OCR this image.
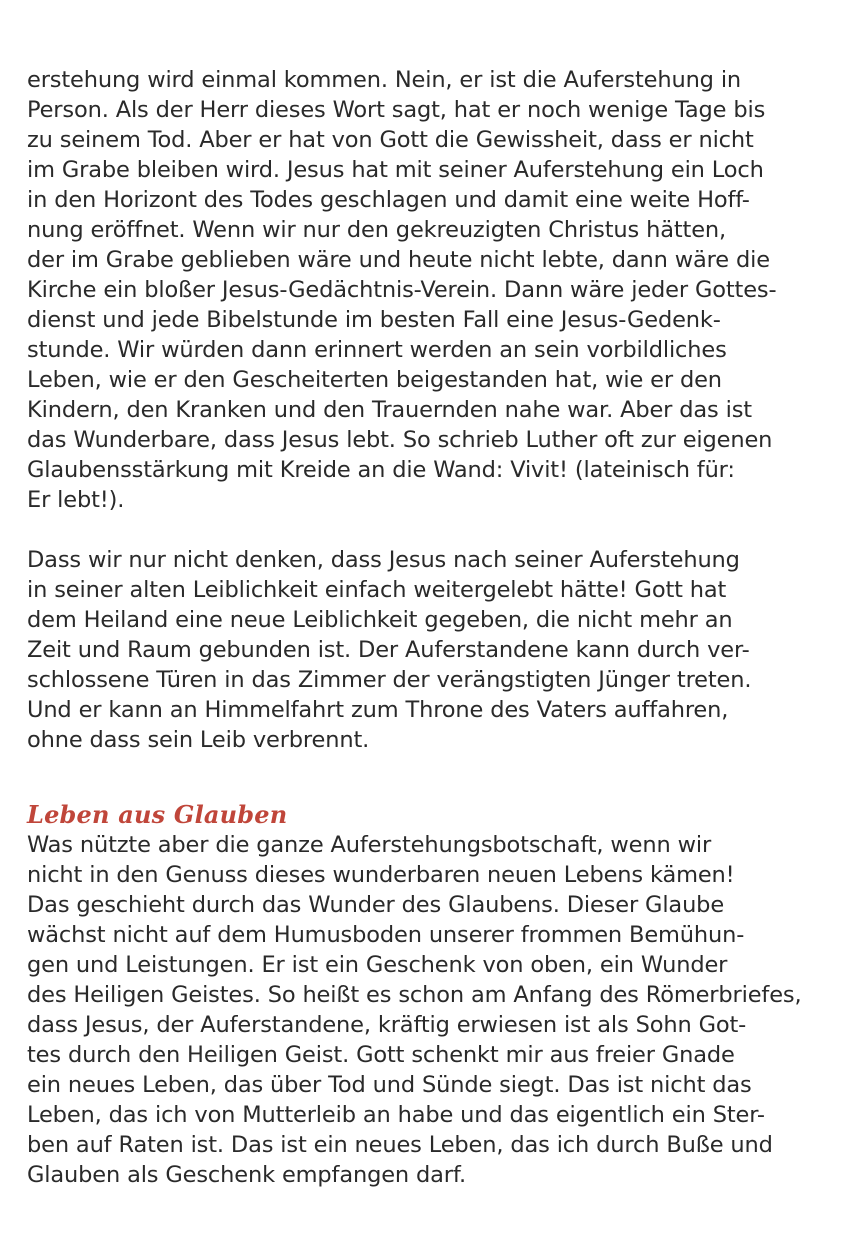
erstehung wird einmal kommen. Nein, er ist die Auferstehung in
Person. Als der Herr dieses Wort sagt, hat er noch wenige Tage bis
zu seinem Tod. Aber er hat von Gott die Gewissheit, dass er nicht
im Grabe bleiben wird. Jesus hat mit seiner Auferstehung ein Loch
in den Horizont des Todes geschlagen und damit eine weite Hoff-
nung eröffnet. Wenn wir nur den gekreuzigten Christus hätten,
der im Grabe geblieben wäre und heute nicht lebte, dann wäre die
Kirche ein bloßer Jesus-Gedächtnis-Verein. Dann wäre jeder Gottes-
dienst und jede Bibelstunde im besten Fall eine Jesus-Gedenk-
stunde. Wir würden dann erinnert werden an sein vorbildliches
Leben, wie er den Gescheiterten beigestanden hat, wie er den
Kindern, den Kranken und den Trauernden nahe war. Aber das ist
das Wunderbare, dass Jesus lebt. So schrieb Luther oft zur eigenen
Glaubensstärkung mit Kreide an die Wand: Vivit! (lateinisch für:
Er lebt!).
Dass wir nur nicht denken, dass Jesus nach seiner Auferstehung
in seiner alten Leiblichkeit einfach weitergelebt hätte! Gott hat
dem Heiland eine neue Leiblichkeit gegeben, die nicht mehr an
Zeit und Raum gebunden ist. Der Auferstandene kann durch ver-
schlossene Türen in das Zimmer der verängstigten Jünger treten.
Und er kann an Himmelfahrt zum Throne des Vaters auffahren,
ohne dass sein Leib verbrennt.
Leben aus Glauben
Was nützte aber die ganze Auferstehungsbotschaft, wenn wir
nicht in den Genuss dieses wunderbaren neuen Lebens kämen!
Das geschieht durch das Wunder des Glaubens. Dieser Glaube
wächst nicht auf dem Humusboden unserer frommen Bemühun-
gen und Leistungen. Er ist ein Geschenk von oben, ein Wunder
des Heiligen Geistes. So heißt es schon am Anfang des Römerbriefes,
dass Jesus, der Auferstandene, kräftig erwiesen ist als Sohn Got-
tes durch den Heiligen Geist. Gott schenkt mir aus freier Gnade
ein neues Leben, das über Tod und Sünde siegt. Das ist nicht das
Leben, das ich von Mutterleib an habe und das eigentlich ein Ster-
ben auf Raten ist. Das ist ein neues Leben, das ich durch Buße und
Glauben als Geschenk empfangen darf.
